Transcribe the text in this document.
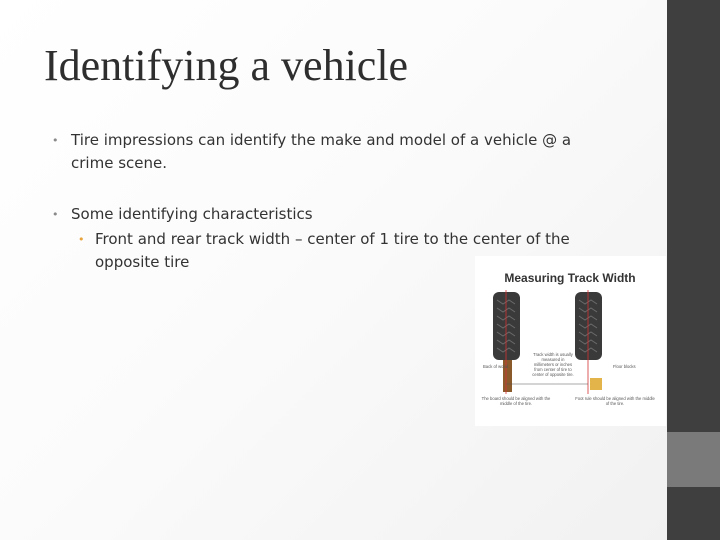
Identifying a vehicle
• Tire impressions can identify the make and model of a vehicle @ a crime scene.
• Some identifying characteristics
• Front and rear track width – center of 1 tire to the center of the opposite tire
Measuring Track Width
Back of wood
Track width is usually measured in millimeters or inches from center of tire to center of opposite tire.
Floor blocks
The board should be aligned with the middle of the tire.
Foot rule should be aligned with the middle of the tire.
